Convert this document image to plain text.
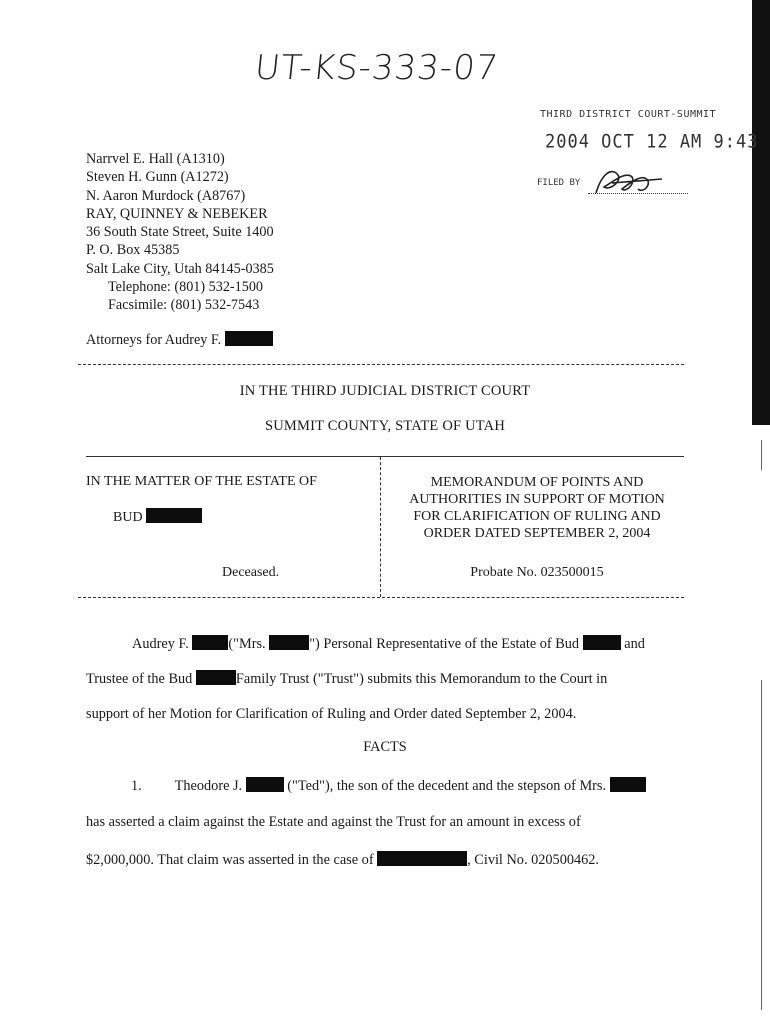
UT-KS-333-07
THIRD DISTRICT COURT-SUMMIT
2004 OCT 12 AM 9:43
FILED BY
Narrvel E. Hall (A1310)
Steven H. Gunn (A1272)
N. Aaron Murdock (A8767)
RAY, QUINNEY & NEBEKER
36 South State Street, Suite 1400
P. O. Box 45385
Salt Lake City, Utah 84145-0385
Telephone: (801) 532-1500
Facsimile: (801) 532-7543
Attorneys for Audrey F.
IN THE THIRD JUDICIAL DISTRICT COURT
SUMMIT COUNTY, STATE OF UTAH
IN THE MATTER OF THE ESTATE OF
BUD
Deceased.
MEMORANDUM OF POINTS AND
AUTHORITIES IN SUPPORT OF MOTION
FOR CLARIFICATION OF RULING AND
ORDER DATED SEPTEMBER 2, 2004
Probate No. 023500015
Audrey F.	("Mrs.	") Personal Representative of the Estate of Bud	and
Trustee of the Bud	Family Trust ("Trust") submits this Memorandum to the Court in
support of her Motion for Clarification of Ruling and Order dated September 2, 2004.
FACTS
1. Theodore J.	("Ted"), the son of the decedent and the stepson of Mrs.
has asserted a claim against the Estate and against the Trust for an amount in excess of
$2,000,000. That claim was asserted in the case of	, Civil No. 020500462.
